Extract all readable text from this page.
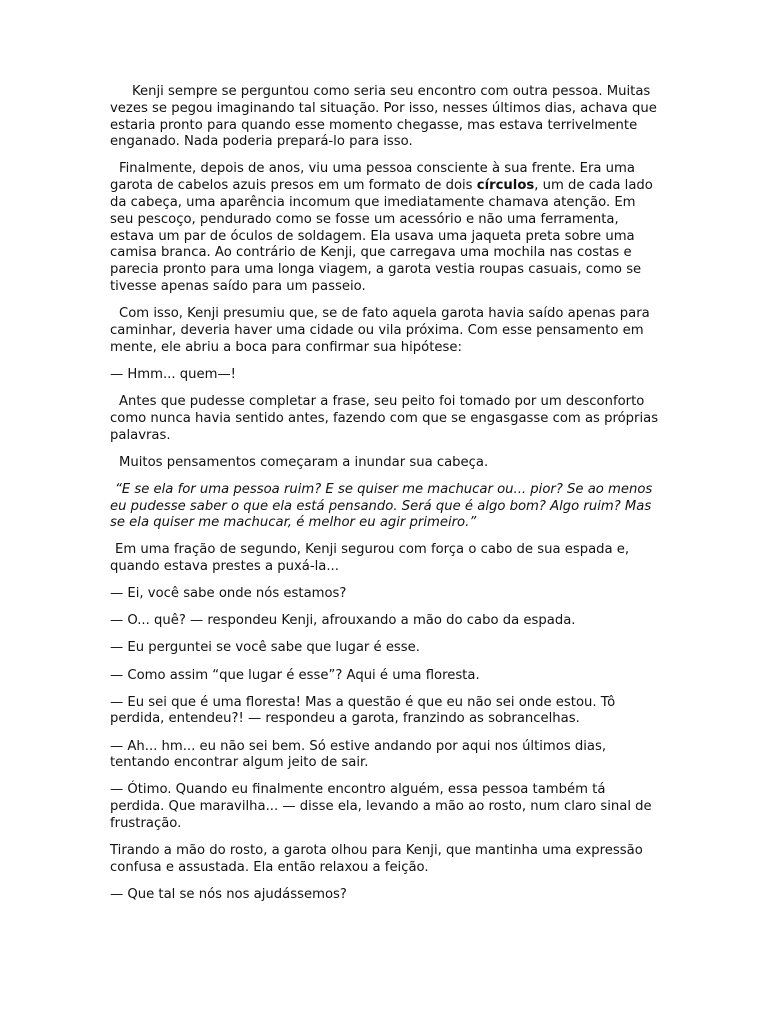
Kenji sempre se perguntou como seria seu encontro com outra pessoa. Muitas vezes se pegou imaginando tal situação. Por isso, nesses últimos dias, achava que estaria pronto para quando esse momento chegasse, mas estava terrivelmente enganado. Nada poderia prepará-lo para isso.

Finalmente, depois de anos, viu uma pessoa consciente à sua frente. Era uma garota de cabelos azuis presos em um formato de dois círculos, um de cada lado da cabeça, uma aparência incomum que imediatamente chamava atenção. Em seu pescoço, pendurado como se fosse um acessório e não uma ferramenta, estava um par de óculos de soldagem. Ela usava uma jaqueta preta sobre uma camisa branca. Ao contrário de Kenji, que carregava uma mochila nas costas e parecia pronto para uma longa viagem, a garota vestia roupas casuais, como se tivesse apenas saído para um passeio.

Com isso, Kenji presumiu que, se de fato aquela garota havia saído apenas para caminhar, deveria haver uma cidade ou vila próxima. Com esse pensamento em mente, ele abriu a boca para confirmar sua hipótese:

— Hmm... quem—!

Antes que pudesse completar a frase, seu peito foi tomado por um desconforto como nunca havia sentido antes, fazendo com que se engasgasse com as próprias palavras.

Muitos pensamentos começaram a inundar sua cabeça.

“E se ela for uma pessoa ruim? E se quiser me machucar ou... pior? Se ao menos eu pudesse saber o que ela está pensando. Será que é algo bom? Algo ruim? Mas se ela quiser me machucar, é melhor eu agir primeiro.”

Em uma fração de segundo, Kenji segurou com força o cabo de sua espada e, quando estava prestes a puxá-la...

— Ei, você sabe onde nós estamos?

— O... quê? — respondeu Kenji, afrouxando a mão do cabo da espada.

— Eu perguntei se você sabe que lugar é esse.

— Como assim “que lugar é esse”? Aqui é uma floresta.

— Eu sei que é uma floresta! Mas a questão é que eu não sei onde estou. Tô perdida, entendeu?! — respondeu a garota, franzindo as sobrancelhas.

— Ah... hm... eu não sei bem. Só estive andando por aqui nos últimos dias, tentando encontrar algum jeito de sair.

— Ótimo. Quando eu finalmente encontro alguém, essa pessoa também tá perdida. Que maravilha... — disse ela, levando a mão ao rosto, num claro sinal de frustração.

Tirando a mão do rosto, a garota olhou para Kenji, que mantinha uma expressão confusa e assustada. Ela então relaxou a feição.

— Que tal se nós nos ajudássemos?
